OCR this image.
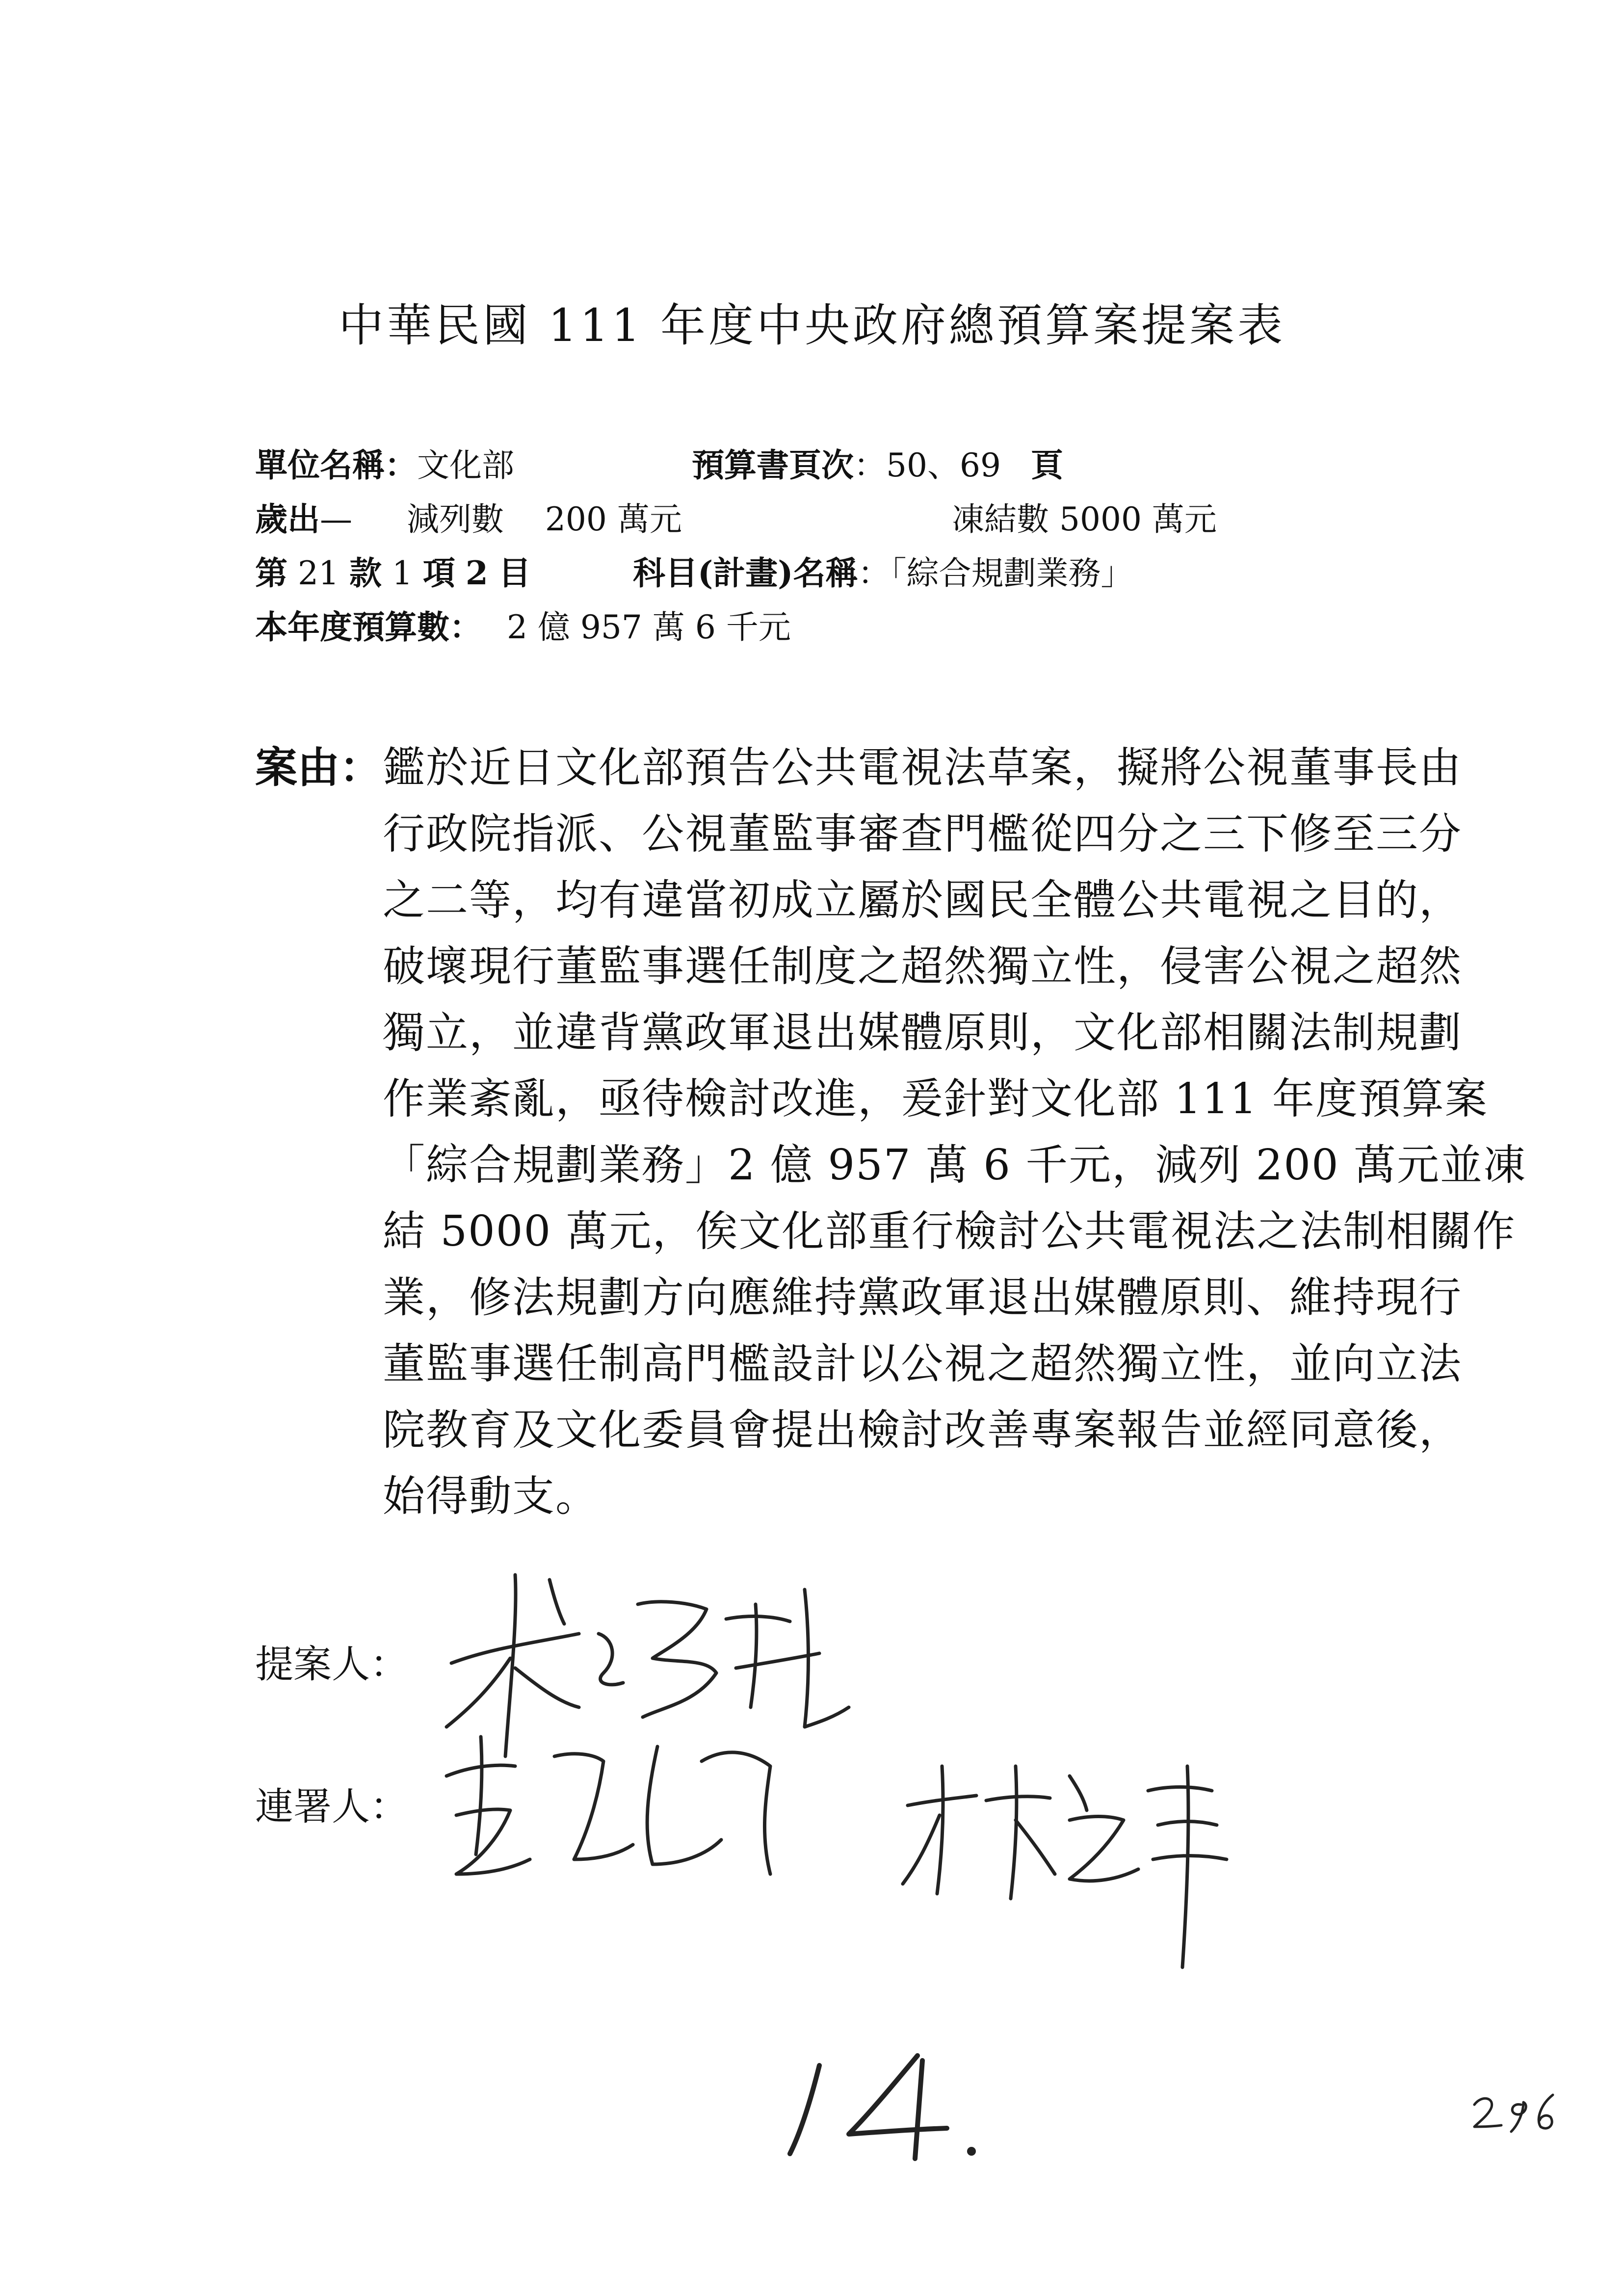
中華民國 111 年度中央政府總預算案提案表
單位名稱：文化部	預算書頁次：50、69 頁
歲出— 減列數    200 萬元	凍結數 5000 萬元
第 21 款 1 項 2 目	科目(計畫)名稱：「綜合規劃業務」
本年度預算數： 2 億 957 萬 6 千元
案由： 鑑於近日文化部預告公共電視法草案，擬將公視董事長由
行政院指派、公視董監事審查門檻從四分之三下修至三分
之二等，均有違當初成立屬於國民全體公共電視之目的，
破壞現行董監事選任制度之超然獨立性，侵害公視之超然
獨立，並違背黨政軍退出媒體原則，文化部相關法制規劃
作業紊亂，亟待檢討改進，爰針對文化部 111 年度預算案
「綜合規劃業務」2 億 957 萬 6 千元，減列 200 萬元並凍
結 5000 萬元，俟文化部重行檢討公共電視法之法制相關作
業，修法規劃方向應維持黨政軍退出媒體原則、維持現行
董監事選任制高門檻設計以公視之超然獨立性，並向立法
院教育及文化委員會提出檢討改善專案報告並經同意後，
始得動支。
提案人：
連署人：
